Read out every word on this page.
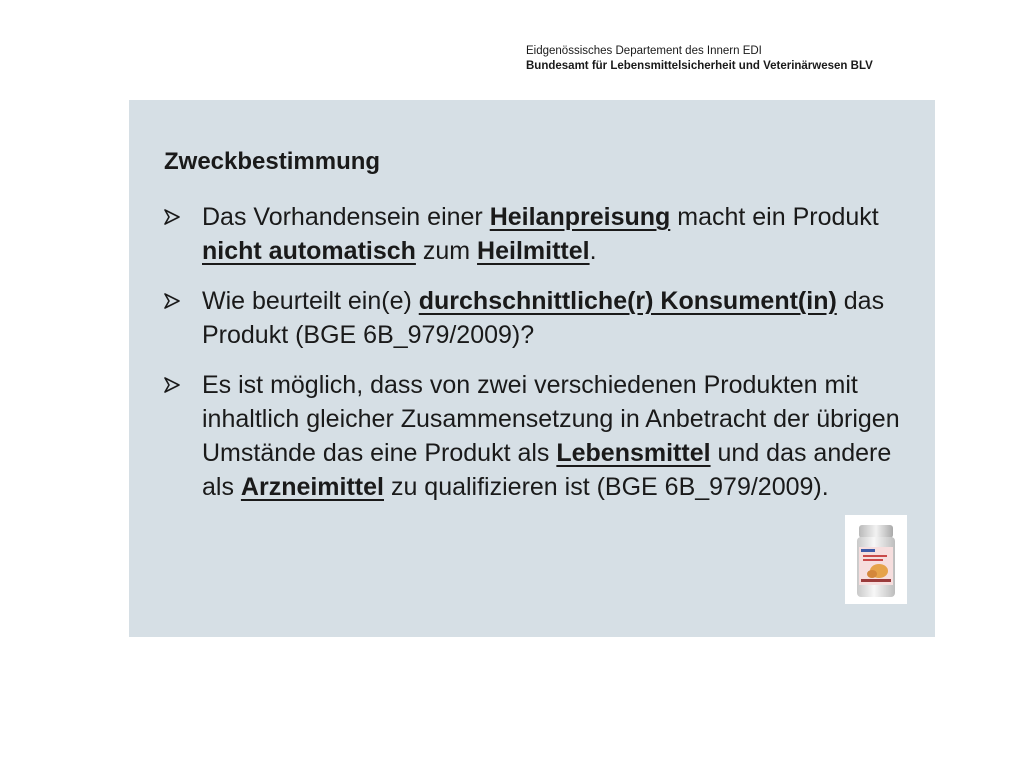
Eidgenössisches Departement des Innern EDI
Bundesamt für Lebensmittelsicherheit und Veterinärwesen BLV
Zweckbestimmung
Das Vorhandensein einer Heilanpreisung macht ein Produkt nicht automatisch zum Heilmittel.
Wie beurteilt ein(e) durchschnittliche(r) Konsument(in) das Produkt (BGE 6B_979/2009)?
Es ist möglich, dass von zwei verschiedenen Produkten mit inhaltlich gleicher Zusammensetzung in Anbetracht der übrigen Umstände das eine Produkt als Lebensmittel und das andere als Arzneimittel zu qualifizieren ist (BGE 6B_979/2009).
